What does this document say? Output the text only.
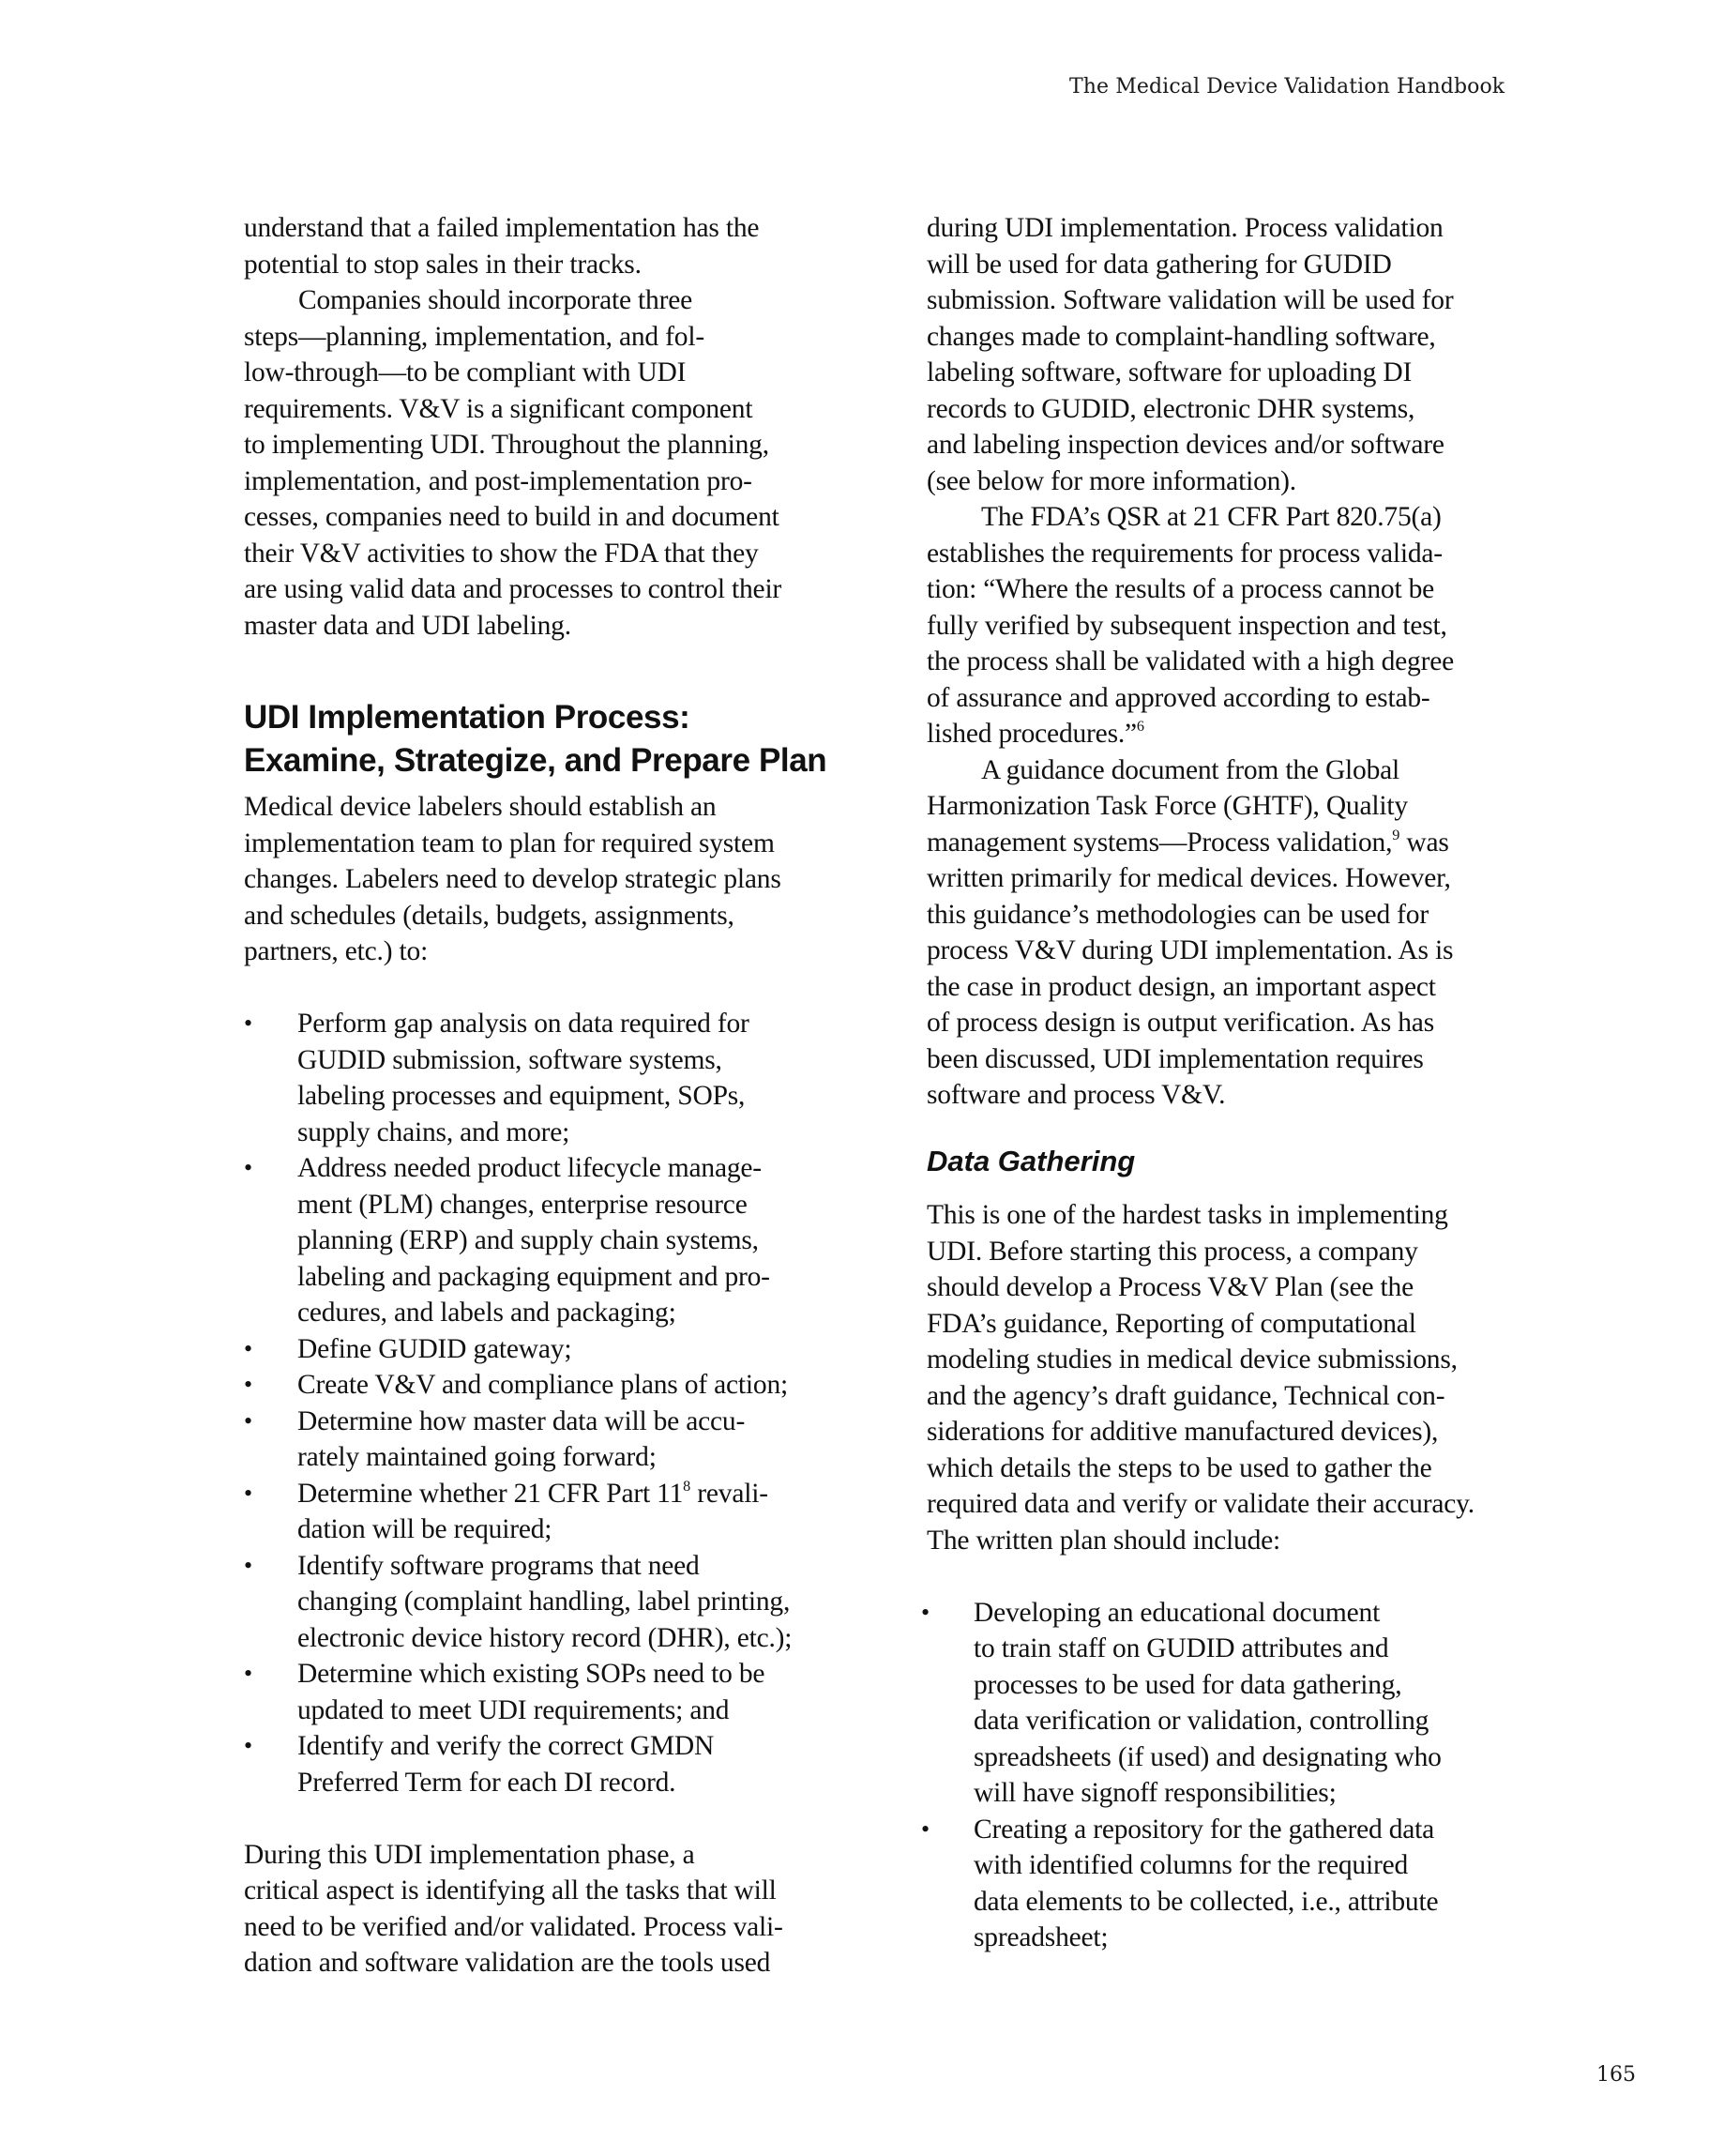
The Medical Device Validation Handbook
understand that a failed implementation has the
potential to stop sales in their tracks.
Companies should incorporate three
steps—planning, implementation, and fol-
low-through—to be compliant with UDI
requirements. V&V is a significant component
to implementing UDI. Throughout the planning,
implementation, and post-implementation pro-
cesses, companies need to build in and document
their V&V activities to show the FDA that they
are using valid data and processes to control their
master data and UDI labeling.
UDI Implementation Process:
Examine, Strategize, and Prepare Plan
Medical device labelers should establish an
implementation team to plan for required system
changes. Labelers need to develop strategic plans
and schedules (details, budgets, assignments,
partners, etc.) to:
• Perform gap analysis on data required for
GUDID submission, software systems,
labeling processes and equipment, SOPs,
supply chains, and more;
• Address needed product lifecycle manage-
ment (PLM) changes, enterprise resource
planning (ERP) and supply chain systems,
labeling and packaging equipment and pro-
cedures, and labels and packaging;
• Define GUDID gateway;
• Create V&V and compliance plans of action;
• Determine how master data will be accu-
rately maintained going forward;
• Determine whether 21 CFR Part $11^8$ revali-
dation will be required;
• Identify software programs that need
changing (complaint handling, label printing,
electronic device history record (DHR), etc.);
• Determine which existing SOPs need to be
updated to meet UDI requirements; and
• Identify and verify the correct GMDN
Preferred Term for each DI record.
During this UDI implementation phase, a
critical aspect is identifying all the tasks that will
need to be verified and/or validated. Process vali-
dation and software validation are the tools used
during UDI implementation. Process validation
will be used for data gathering for GUDID
submission. Software validation will be used for
changes made to complaint-handling software,
labeling software, software for uploading DI
records to GUDID, electronic DHR systems,
and labeling inspection devices and/or software
(see below for more information).
The FDA’s QSR at 21 CFR Part 820.75(a)
establishes the requirements for process valida-
tion: “Where the results of a process cannot be
fully verified by subsequent inspection and test,
the process shall be validated with a high degree
of assurance and approved according to estab-
lished procedures.”$^6$
A guidance document from the Global
Harmonization Task Force (GHTF), Quality
management systems—Process validation,$^9$ was
written primarily for medical devices. However,
this guidance’s methodologies can be used for
process V&V during UDI implementation. As is
the case in product design, an important aspect
of process design is output verification. As has
been discussed, UDI implementation requires
software and process V&V.
Data Gathering
This is one of the hardest tasks in implementing
UDI. Before starting this process, a company
should develop a Process V&V Plan (see the
FDA’s guidance, Reporting of computational
modeling studies in medical device submissions,
and the agency’s draft guidance, Technical con-
siderations for additive manufactured devices),
which details the steps to be used to gather the
required data and verify or validate their accuracy.
The written plan should include:
• Developing an educational document
to train staff on GUDID attributes and
processes to be used for data gathering,
data verification or validation, controlling
spreadsheets (if used) and designating who
will have signoff responsibilities;
• Creating a repository for the gathered data
with identified columns for the required
data elements to be collected, i.e., attribute
spreadsheet;
165
